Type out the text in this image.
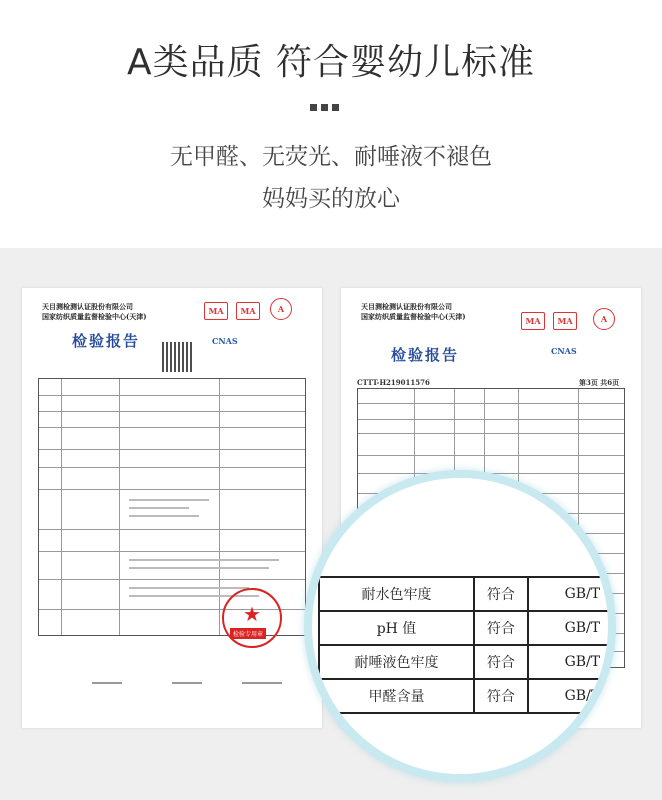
A类品质 符合婴幼儿标准
无甲醛、无荧光、耐唾液不褪色
妈妈买的放心
天目测检测认证股份有限公司
国家纺织质量监督检验中心(天津)
MA	MA	A
检验报告	CNAS
★
检验专用章
天目测检测认证股份有限公司
国家纺织质量监督检验中心(天津)	MA	MA	A
检验报告	CNAS
CTTT-H219011576	第3页 共6页
耐水色牢度	符合	GB/T
pH 值	符合	GB/T
耐唾液色牢度	符合	GB/T
甲醛含量	符合	GB/T
